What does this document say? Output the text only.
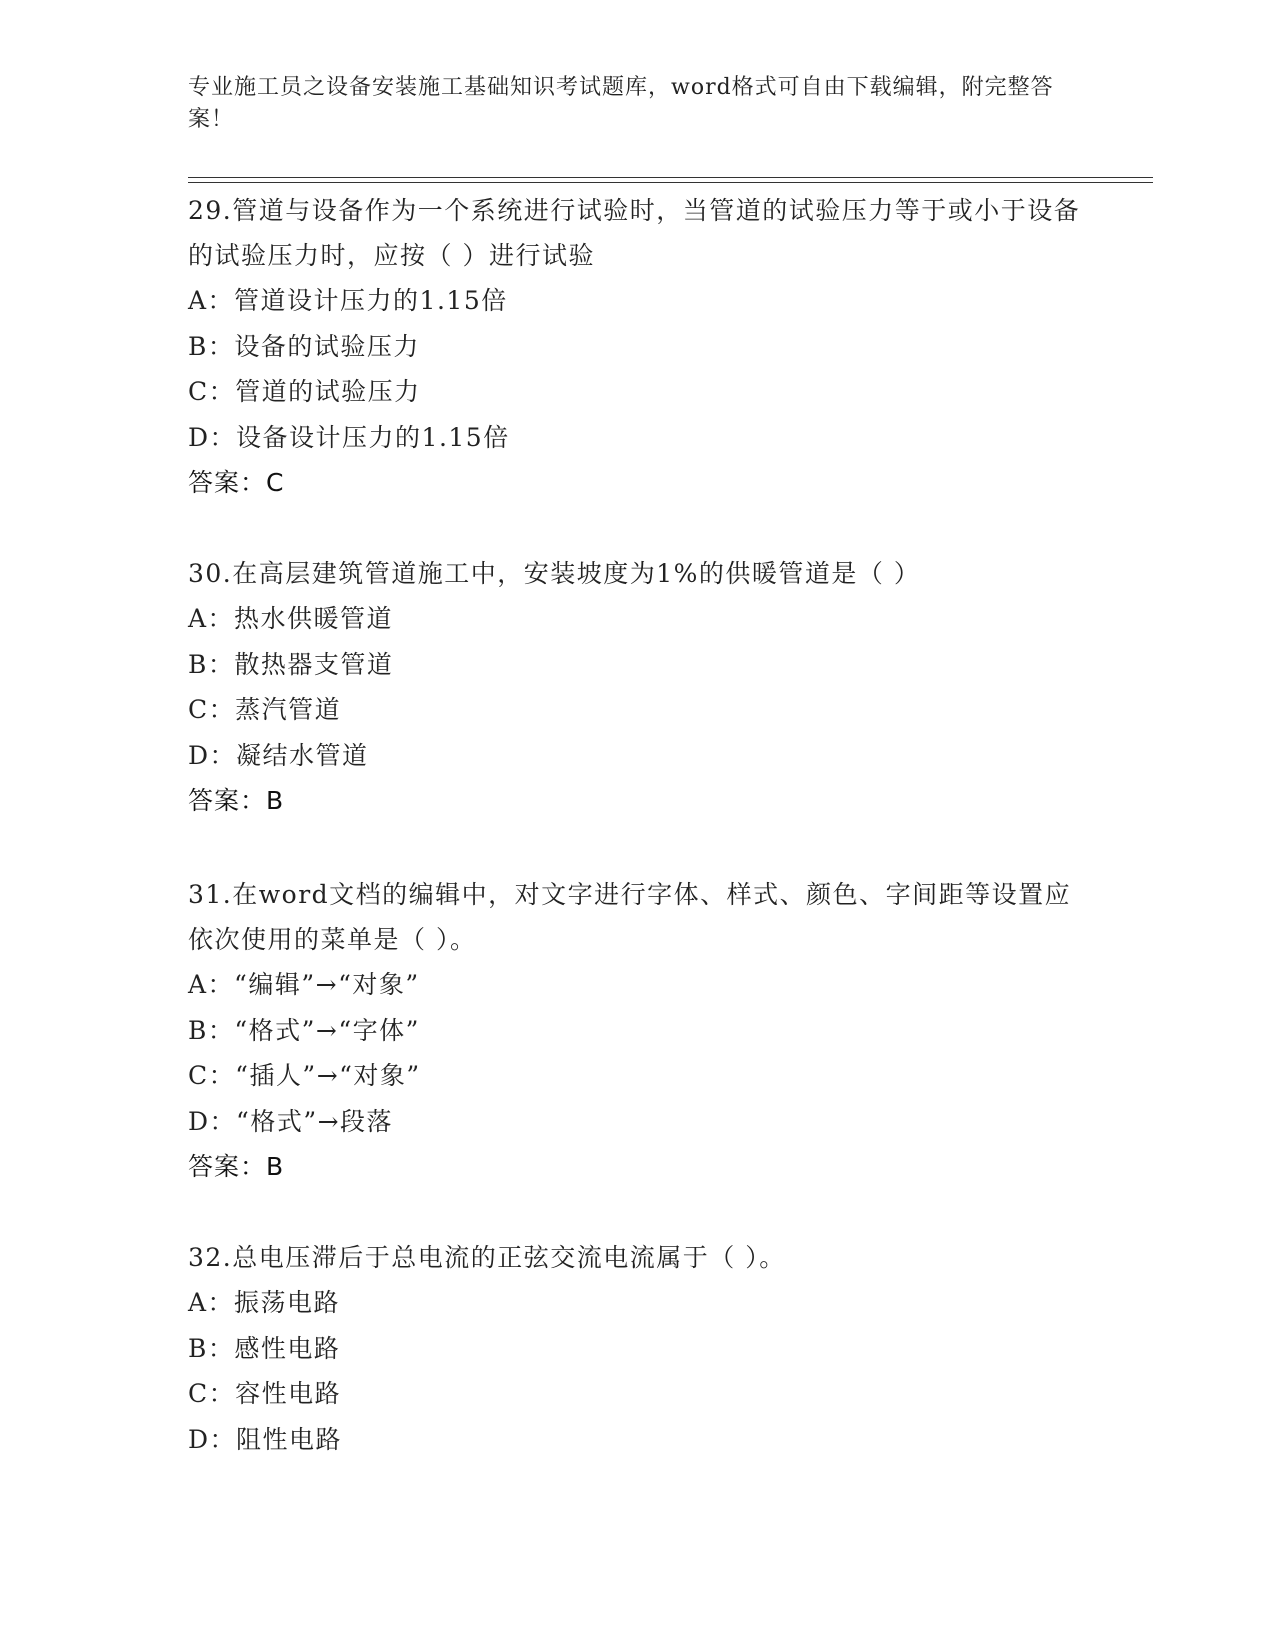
专业施工员之设备安装施工基础知识考试题库，word格式可自由下载编辑，附完整答案！
29.管道与设备作为一个系统进行试验时，当管道的试验压力等于或小于设备的试验压力时，应按（ ）进行试验
A：管道设计压力的1.15倍
B：设备的试验压力
C：管道的试验压力
D：设备设计压力的1.15倍
答案：C
30.在高层建筑管道施工中，安装坡度为1%的供暖管道是（ ）
A：热水供暖管道
B：散热器支管道
C：蒸汽管道
D：凝结水管道
答案：B
31.在word文档的编辑中，对文字进行字体、样式、颜色、字间距等设置应依次使用的菜单是（ ）。
A：“编辑”→“对象”
B：“格式”→“字体”
C：“插人”→“对象”
D：“格式”→段落
答案：B
32.总电压滞后于总电流的正弦交流电流属于（ ）。
A：振荡电路
B：感性电路
C：容性电路
D：阻性电路
